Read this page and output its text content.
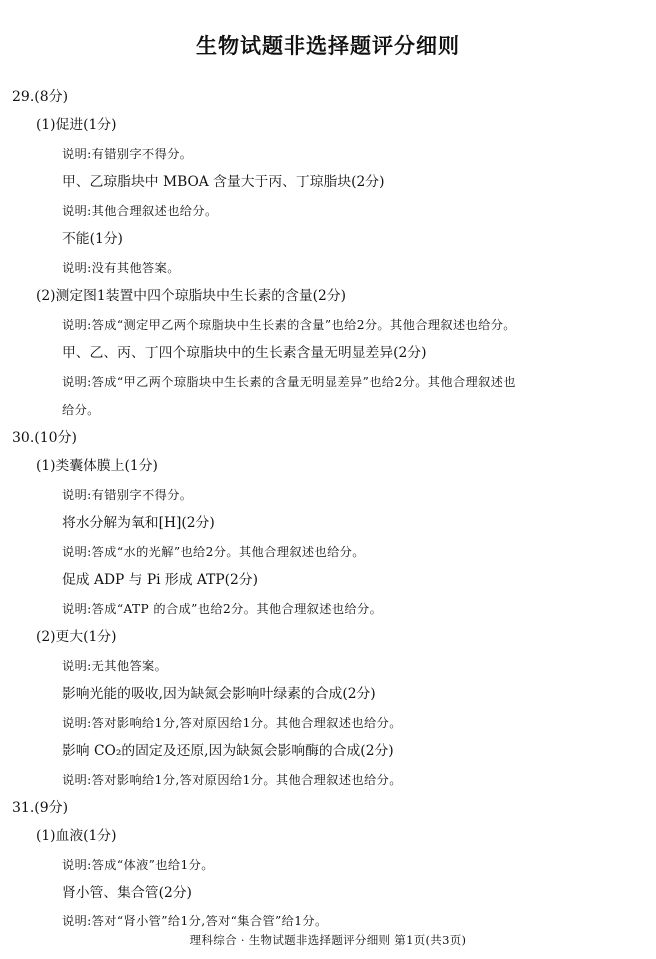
生物试题非选择题评分细则
29.(8分)
(1)促进(1分)
说明:有错别字不得分。
甲、乙琼脂块中 MBOA 含量大于丙、丁琼脂块(2分)
说明:其他合理叙述也给分。
不能(1分)
说明:没有其他答案。
(2)测定图1装置中四个琼脂块中生长素的含量(2分)
说明:答成“测定甲乙两个琼脂块中生长素的含量”也给2分。其他合理叙述也给分。
甲、乙、丙、丁四个琼脂块中的生长素含量无明显差异(2分)
说明:答成“甲乙两个琼脂块中生长素的含量无明显差异”也给2分。其他合理叙述也
给分。
30.(10分)
(1)类囊体膜上(1分)
说明:有错别字不得分。
将水分解为氧和[H](2分)
说明:答成“水的光解”也给2分。其他合理叙述也给分。
促成 ADP 与 Pi 形成 ATP(2分)
说明:答成“ATP 的合成”也给2分。其他合理叙述也给分。
(2)更大(1分)
说明:无其他答案。
影响光能的吸收,因为缺氮会影响叶绿素的合成(2分)
说明:答对影响给1分,答对原因给1分。其他合理叙述也给分。
影响 CO₂的固定及还原,因为缺氮会影响酶的合成(2分)
说明:答对影响给1分,答对原因给1分。其他合理叙述也给分。
31.(9分)
(1)血液(1分)
说明:答成“体液”也给1分。
肾小管、集合管(2分)
说明:答对“肾小管”给1分,答对“集合管”给1分。
理科综合 · 生物试题非选择题评分细则 第1页(共3页)
